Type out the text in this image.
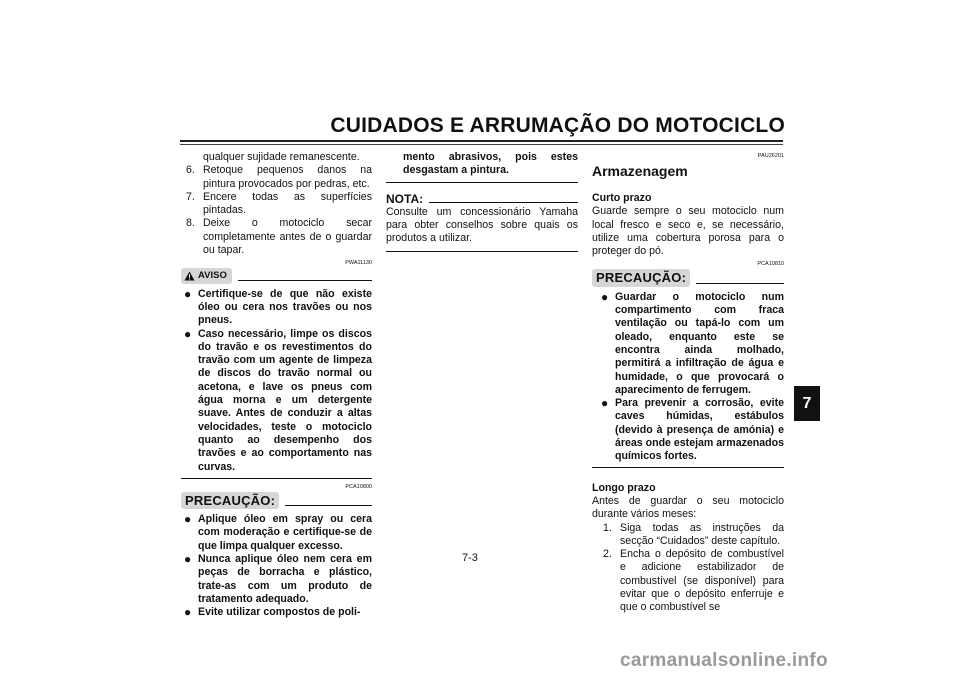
CUIDADOS E ARRUMAÇÃO DO MOTOCICLO
7

qualquer sujidade remanescente.

6. Retoque pequenos danos na pintura provocados por pedras, etc.
7. Encere todas as superfícies pintadas.
8. Deixe o motociclo secar completamente antes de o guardar ou tapar.

PWA11130

AVISO
● Certifique-se de que não existe óleo ou cera nos travões ou nos pneus.
● Caso necessário, limpe os discos do travão e os revestimentos do travão com um agente de limpeza de discos do travão normal ou acetona, e lave os pneus com água morna e um detergente suave. Antes de conduzir a altas velocidades, teste o motociclo quanto ao desempenho dos travões e ao comportamento nas curvas.

PCA10800

PRECAUÇÃO:
● Aplique óleo em spray ou cera com moderação e certifique-se de que limpa qualquer excesso.
● Nunca aplique óleo nem cera em peças de borracha e plástico, trate-as com um produto de tratamento adequado.
● Evite utilizar compostos de poli-

mento abrasivos, pois estes desgastam a pintura.

NOTA:

Consulte um concessionário Yamaha para obter conselhos sobre quais os produtos a utilizar.

PAU26201

Armazenagem

Curto prazo

Guarde sempre o seu motociclo num local fresco e seco e, se necessário, utilize uma cobertura porosa para o proteger do pó.

PCA10810

PRECAUÇÃO:
● Guardar o motociclo num compartimento com fraca ventilação ou tapá-lo com um oleado, enquanto este se encontra ainda molhado, permitirá a infiltração de água e humidade, o que provocará o aparecimento de ferrugem.
● Para prevenir a corrosão, evite caves húmidas, estábulos (devido à presença de amónia) e áreas onde estejam armazenados químicos fortes.

Longo prazo

Antes de guardar o seu motociclo durante vários meses:

1. Siga todas as instruções da secção “Cuidados” deste capítulo.
2. Encha o depósito de combustível e adicione estabilizador de combustível (se disponível) para evitar que o depósito enferruje e que o combustível se
7-3
carmanualsonline.info
